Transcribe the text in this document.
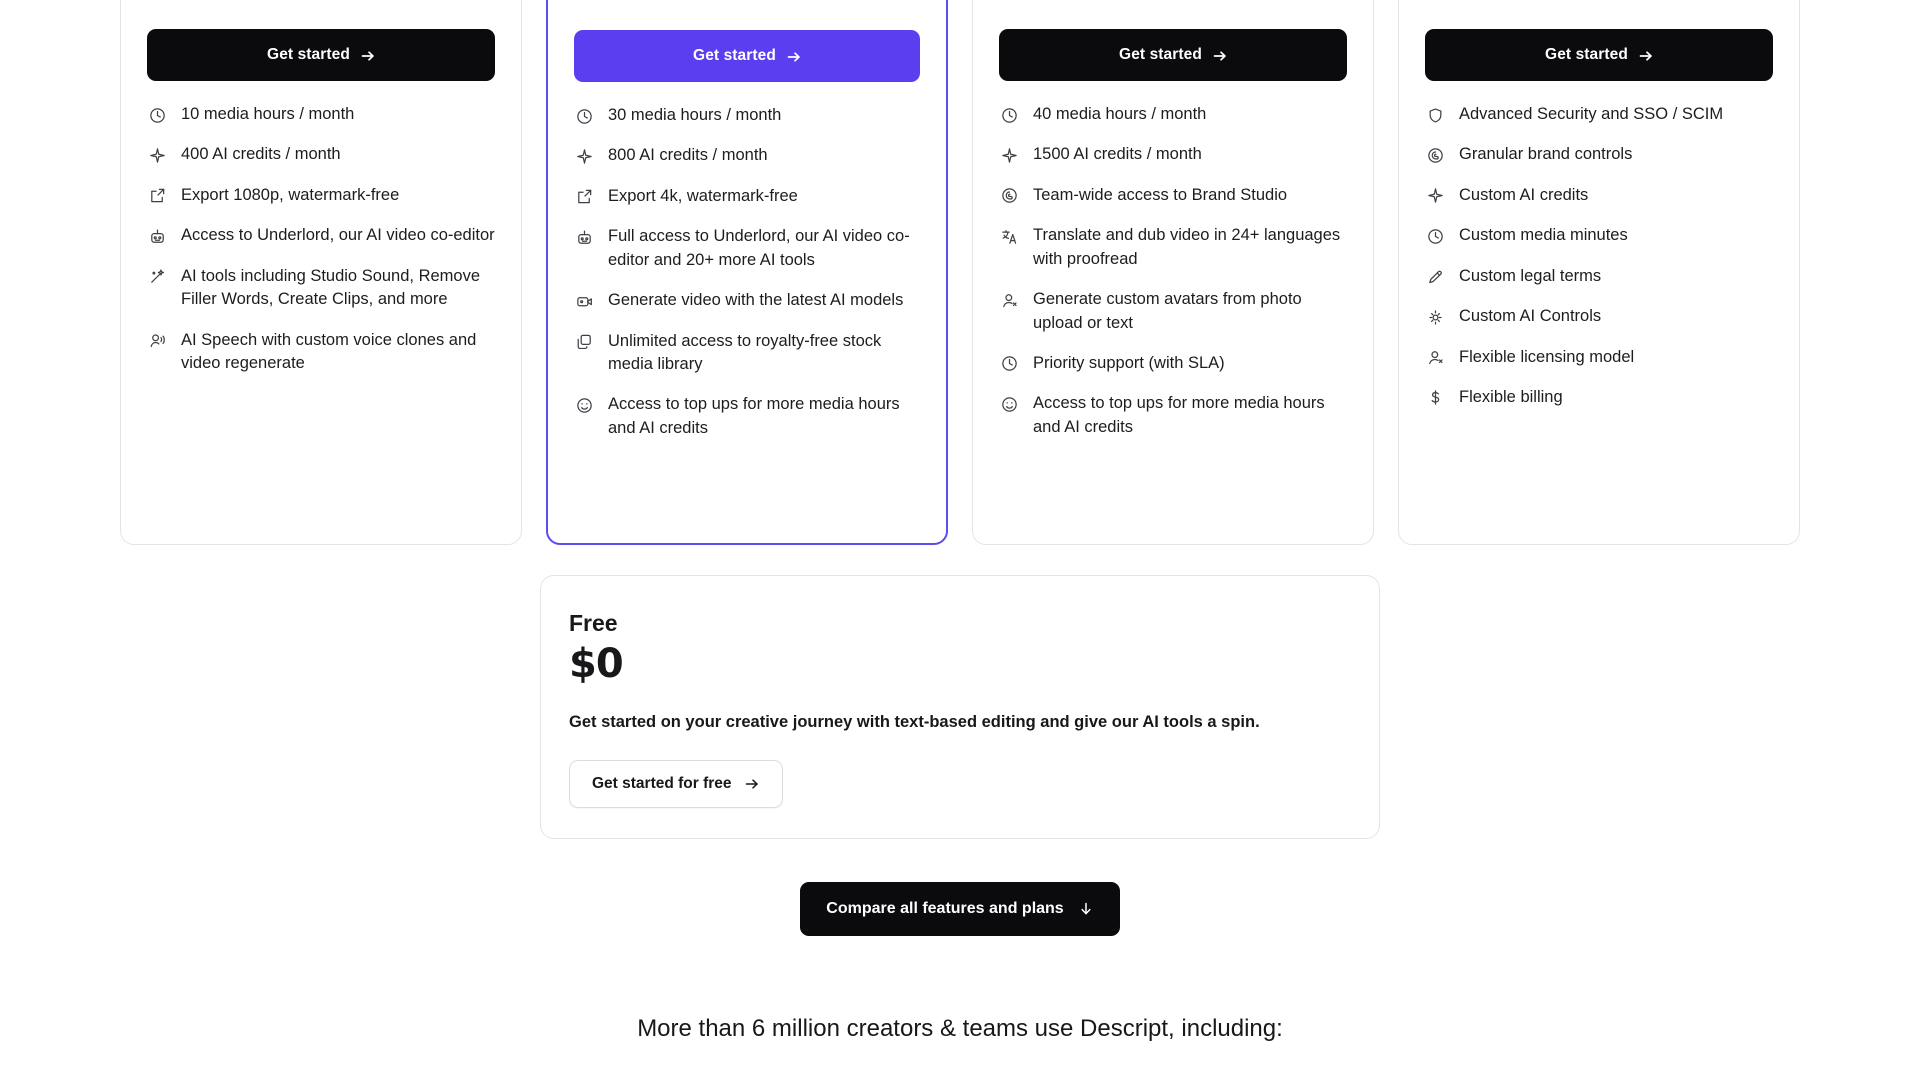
Get started
10 media hours / month
400 AI credits / month
Export 1080p, watermark-free
Access to Underlord, our AI video co-editor
AI tools including Studio Sound, Remove Filler Words, Create Clips, and more
AI Speech with custom voice clones and video regenerate
Get started
30 media hours / month
800 AI credits / month
Export 4k, watermark-free
Full access to Underlord, our AI video co-editor and 20+ more AI tools
Generate video with the latest AI models
Unlimited access to royalty-free stock media library
Access to top ups for more media hours and AI credits
Get started
40 media hours / month
1500 AI credits / month
Team-wide access to Brand Studio
Translate and dub video in 24+ languages with proofread
Generate custom avatars from photo upload or text
Priority support (with SLA)
Access to top ups for more media hours and AI credits
Get started
Advanced Security and SSO / SCIM
Granular brand controls
Custom AI credits
Custom media minutes
Custom legal terms
Custom AI Controls
Flexible licensing model
Flexible billing
Free
$0
Get started on your creative journey with text-based editing and give our AI tools a spin.
Get started for free
Compare all features and plans
More than 6 million creators & teams use Descript, including:
